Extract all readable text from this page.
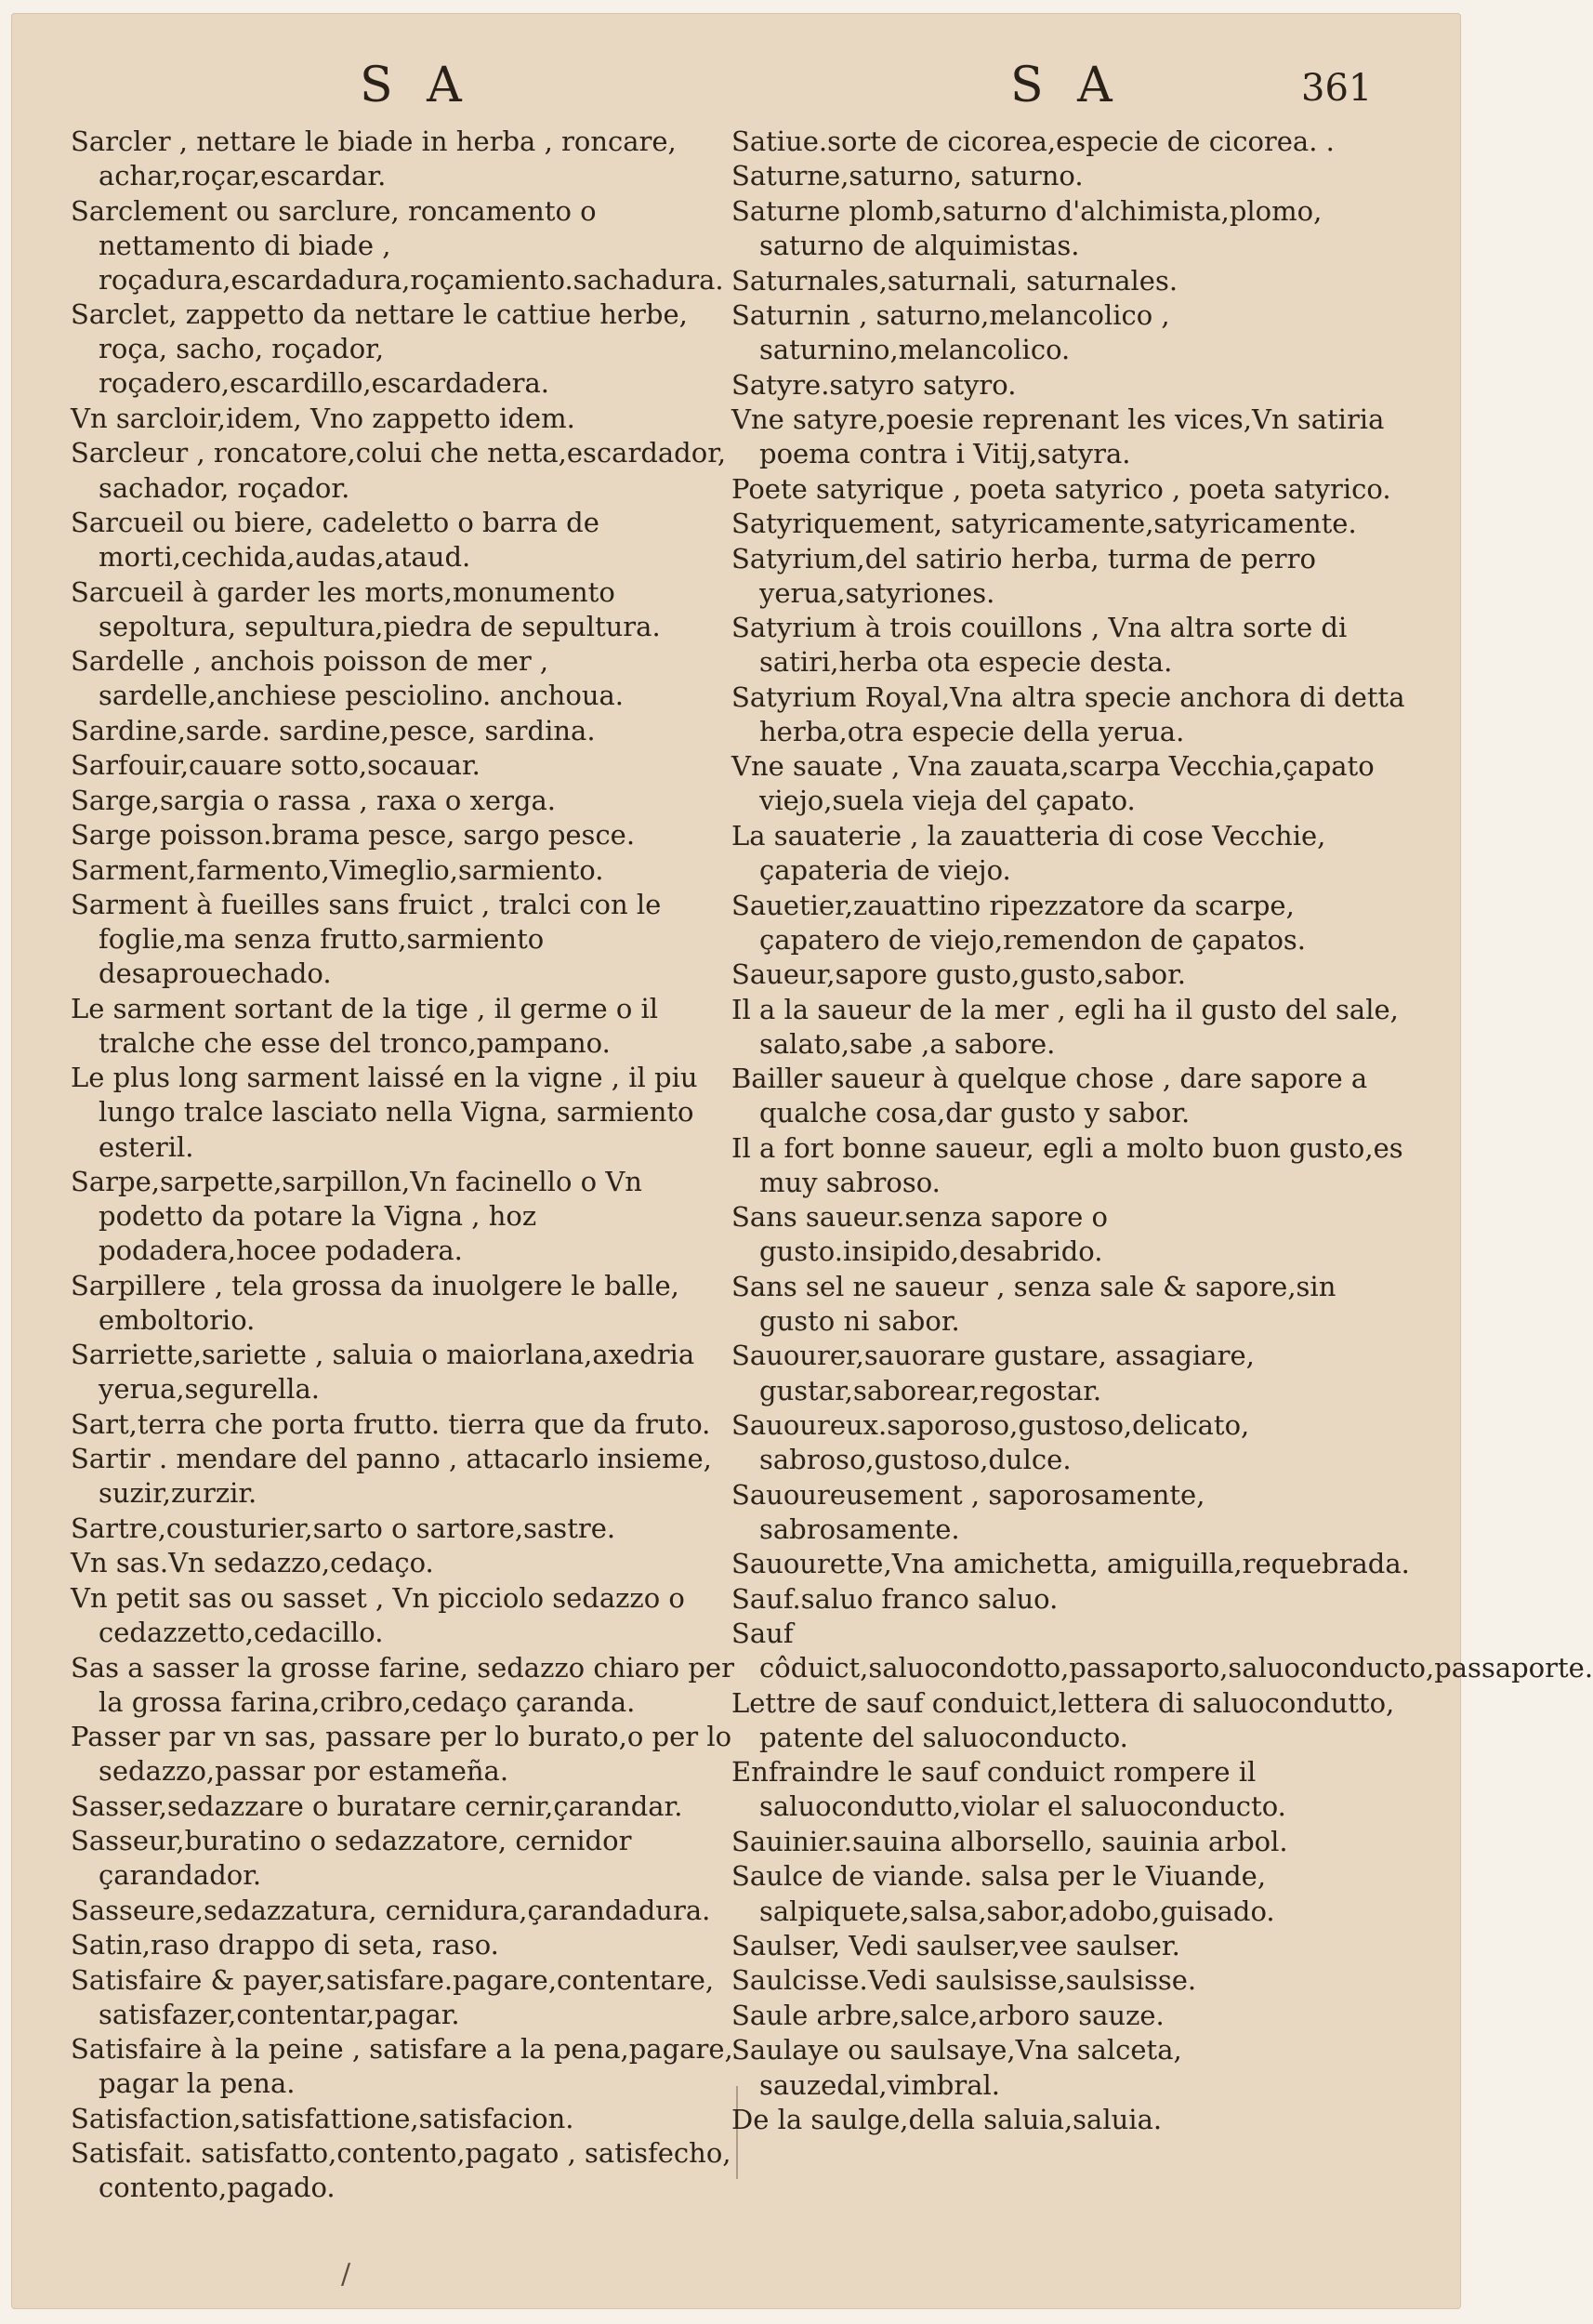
S A	S A	361

Sarcler , nettare le biade in herba , roncare, achar,roçar,escardar.

Sarclement ou sarclure, roncamento o nettamento di biade , roçadura,escardadura,roçamiento.sachadura.

Sarclet, zappetto da nettare le cattiue herbe, roça, sacho, roçador, roçadero,escardillo,escardadera.

Vn sarcloir,idem, Vno zappetto idem.

Sarcleur , roncatore,colui che netta,escardador, sachador, roçador.

Sarcueil ou biere, cadeletto o barra de morti,cechida,audas,ataud.

Sarcueil à garder les morts,monumento sepoltura, sepultura,piedra de sepultura.

Sardelle , anchois poisson de mer , sardelle,anchiese pesciolino. anchoua.

Sardine,sarde. sardine,pesce, sardina.

Sarfouir,cauare sotto,socauar.

Sarge,sargia o rassa , raxa o xerga.

Sarge poisson.brama pesce, sargo pesce.

Sarment,farmento,Vimeglio,sarmiento.

Sarment à fueilles sans fruict , tralci con le foglie,ma senza frutto,sarmiento desaprouechado.

Le sarment sortant de la tige , il germe o il tralche che esse del tronco,pampano.

Le plus long sarment laissé en la vigne , il piu lungo tralce lasciato nella Vigna, sarmiento esteril.

Sarpe,sarpette,sarpillon,Vn facinello o Vn podetto da potare la Vigna , hoz podadera,hocee podadera.

Sarpillere , tela grossa da inuolgere le balle, emboltorio.

Sarriette,sariette , saluia o maiorlana,axedria yerua,segurella.

Sart,terra che porta frutto. tierra que da fruto.

Sartir . mendare del panno , attacarlo insieme, suzir,zurzir.

Sartre,cousturier,sarto o sartore,sastre.

Vn sas.Vn sedazzo,cedaço.

Vn petit sas ou sasset , Vn picciolo sedazzo o cedazzetto,cedacillo.

Sas a sasser la grosse farine, sedazzo chiaro per la grossa farina,cribro,cedaço çaranda.

Passer par vn sas, passare per lo burato,o per lo sedazzo,passar por estameña.

Sasser,sedazzare o buratare cernir,çarandar.

Sasseur,buratino o sedazzatore, cernidor çarandador.

Sasseure,sedazzatura, cernidura,çarandadura.

Satin,raso drappo di seta, raso.

Satisfaire & payer,satisfare.pagare,contentare, satisfazer,contentar,pagar.

Satisfaire à la peine , satisfare a la pena,pagare, pagar la pena.

Satisfaction,satisfattione,satisfacion.

Satisfait. satisfatto,contento,pagato , satisfecho, contento,pagado.

Satiue.sorte de cicorea,especie de cicorea. .

Saturne,saturno, saturno.

Saturne plomb,saturno d'alchimista,plomo, saturno de alquimistas.

Saturnales,saturnali, saturnales.

Saturnin , saturno,melancolico , saturnino,melancolico.

Satyre.satyro satyro.

Vne satyre,poesie reprenant les vices,Vn satiria poema contra i Vitij,satyra.

Poete satyrique , poeta satyrico , poeta satyrico.

Satyriquement, satyricamente,satyricamente.

Satyrium,del satirio herba, turma de perro yerua,satyriones.

Satyrium à trois couillons , Vna altra sorte di satiri,herba ota especie desta.

Satyrium Royal,Vna altra specie anchora di detta herba,otra especie della yerua.

Vne sauate , Vna zauata,scarpa Vecchia,çapato viejo,suela vieja del çapato.

La sauaterie , la zauatteria di cose Vecchie, çapateria de viejo.

Sauetier,zauattino ripezzatore da scarpe, çapatero de viejo,remendon de çapatos.

Saueur,sapore gusto,gusto,sabor.

Il a la saueur de la mer , egli ha il gusto del sale, salato,sabe ,a sabore.

Bailler saueur à quelque chose , dare sapore a qualche cosa,dar gusto y sabor.

Il a fort bonne saueur, egli a molto buon gusto,es muy sabroso.

Sans saueur.senza sapore o gusto.insipido,desabrido.

Sans sel ne saueur , senza sale & sapore,sin gusto ni sabor.

Sauourer,sauorare gustare, assagiare, gustar,saborear,regostar.

Sauoureux.saporoso,gustoso,delicato, sabroso,gustoso,dulce.

Sauoureusement , saporosamente, sabrosamente.

Sauourette,Vna amichetta, amiguilla,requebrada.

Sauf.saluo franco saluo.

Sauf côduict,saluocondotto,passaporto,saluoconducto,passaporte.

Lettre de sauf conduict,lettera di saluocondutto, patente del saluoconducto.

Enfraindre le sauf conduict rompere il saluocondutto,violar el saluoconducto.

Sauinier.sauina alborsello, sauinia arbol.

Saulce de viande. salsa per le Viuande, salpiquete,salsa,sabor,adobo,guisado.

Saulser, Vedi saulser,vee saulser.

Saulcisse.Vedi saulsisse,saulsisse.

Saule arbre,salce,arboro sauze.

Saulaye ou saulsaye,Vna salceta, sauzedal,vimbral.

De la saulge,della saluia,saluia.

/
